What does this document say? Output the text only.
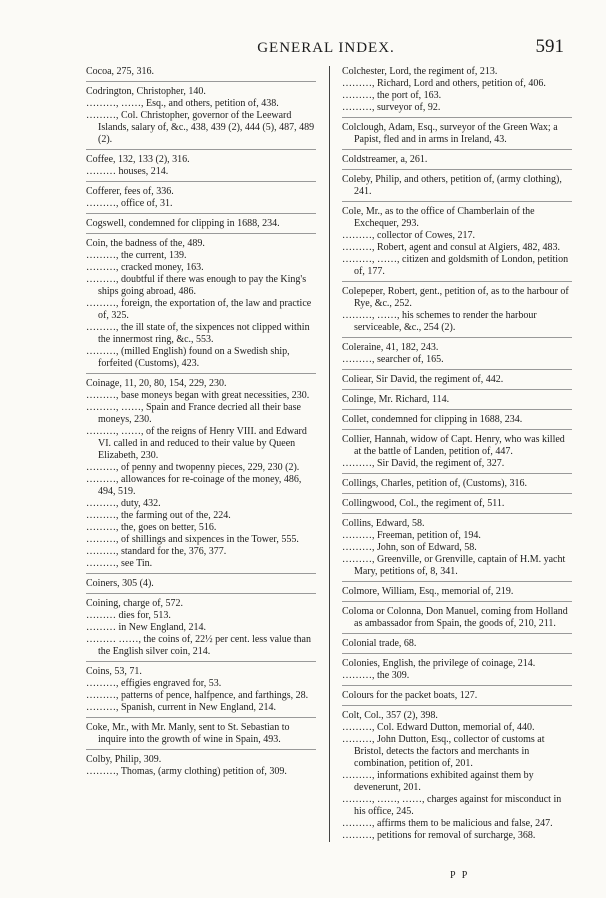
GENERAL INDEX.	591

Cocoa, 275, 316.

Codrington, Christopher, 140.

………, ……, Esq., and others, petition of, 438.

………, Col. Christopher, governor of the Leeward Islands, salary of, &c., 438, 439 (2), 444 (5), 487, 489 (2).

Coffee, 132, 133 (2), 316.

……… houses, 214.

Cofferer, fees of, 336.

………, office of, 31.

Cogswell, condemned for clipping in 1688, 234.

Coin, the badness of the, 489.

………, the current, 139.

………, cracked money, 163.

………, doubtful if there was enough to pay the King's ships going abroad, 486.

………, foreign, the exportation of, the law and practice of, 325.

………, the ill state of, the sixpences not clipped within the innermost ring, &c., 553.

………, (milled English) found on a Swedish ship, forfeited (Customs), 423.

Coinage, 11, 20, 80, 154, 229, 230.

………, base moneys began with great necessities, 230.

………, ……, Spain and France decried all their base moneys, 230.

………, ……, of the reigns of Henry VIII. and Edward VI. called in and reduced to their value by Queen Elizabeth, 230.

………, of penny and twopenny pieces, 229, 230 (2).

………, allowances for re-coinage of the money, 486, 494, 519.

………, duty, 432.

………, the farming out of the, 224.

………, the, goes on better, 516.

………, of shillings and sixpences in the Tower, 555.

………, standard for the, 376, 377.

………, see Tin.

Coiners, 305 (4).

Coining, charge of, 572.

……… dies for, 513.

……… in New England, 214.

……… ……, the coins of, 22½ per cent. less value than the English silver coin, 214.

Coins, 53, 71.

………, effigies engraved for, 53.

………, patterns of pence, halfpence, and farthings, 28.

………, Spanish, current in New England, 214.

Coke, Mr., with Mr. Manly, sent to St. Sebastian to inquire into the growth of wine in Spain, 493.

Colby, Philip, 309.

………, Thomas, (army clothing) petition of, 309.

Colchester, Lord, the regiment of, 213.

………, Richard, Lord and others, petition of, 406.

………, the port of, 163.

………, surveyor of, 92.

Colclough, Adam, Esq., surveyor of the Green Wax; a Papist, fled and in arms in Ireland, 43.

Coldstreamer, a, 261.

Coleby, Philip, and others, petition of, (army clothing), 241.

Cole, Mr., as to the office of Chamberlain of the Exchequer, 293.

………, collector of Cowes, 217.

………, Robert, agent and consul at Algiers, 482, 483.

………, ……, citizen and goldsmith of London, petition of, 177.

Colepeper, Robert, gent., petition of, as to the harbour of Rye, &c., 252.

………, ……, his schemes to render the harbour serviceable, &c., 254 (2).

Coleraine, 41, 182, 243.

………, searcher of, 165.

Coliear, Sir David, the regiment of, 442.

Colinge, Mr. Richard, 114.

Collet, condemned for clipping in 1688, 234.

Collier, Hannah, widow of Capt. Henry, who was killed at the battle of Landen, petition of, 447.

………, Sir David, the regiment of, 327.

Collings, Charles, petition of, (Customs), 316.

Collingwood, Col., the regiment of, 511.

Collins, Edward, 58.

………, Freeman, petition of, 194.

………, John, son of Edward, 58.

………, Greenville, or Grenville, captain of H.M. yacht Mary, petitions of, 8, 341.

Colmore, William, Esq., memorial of, 219.

Coloma or Colonna, Don Manuel, coming from Holland as ambassador from Spain, the goods of, 210, 211.

Colonial trade, 68.

Colonies, English, the privilege of coinage, 214.

………, the 309.

Colours for the packet boats, 127.

Colt, Col., 357 (2), 398.

………, Col. Edward Dutton, memorial of, 440.

………, John Dutton, Esq., collector of customs at Bristol, detects the factors and merchants in combination, petition of, 201.

………, informations exhibited against them by devenerunt, 201.

………, ……, ……, charges against for misconduct in his office, 245.

………, affirms them to be malicious and false, 247.

………, petitions for removal of surcharge, 368.

P P
